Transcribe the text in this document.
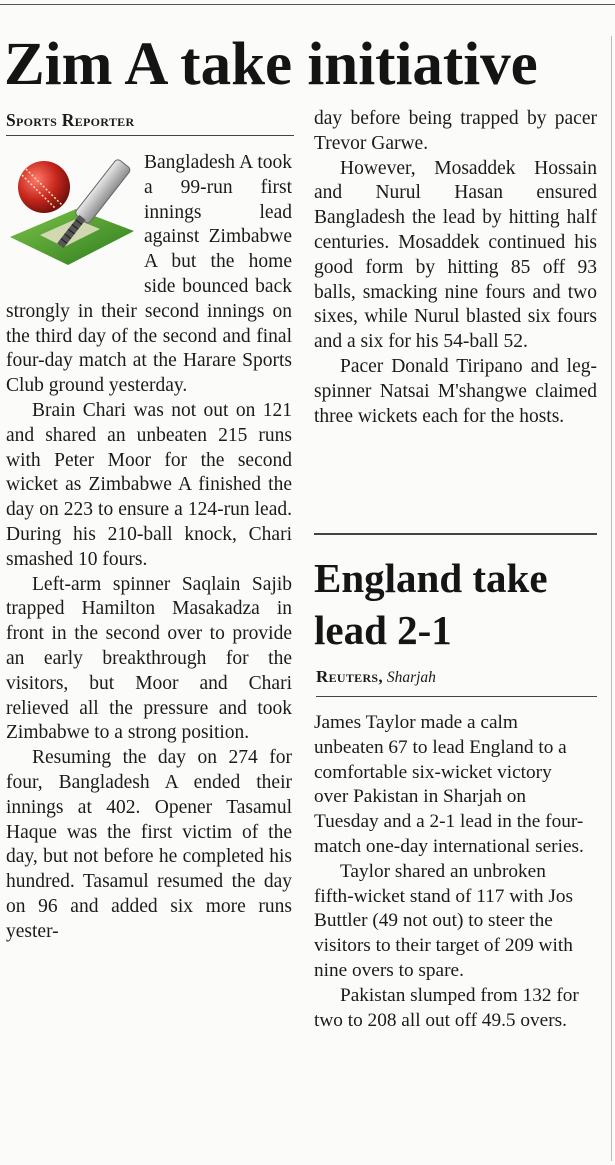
Zim A take initiative
Sports Reporter

Bangladesh A took a 99-run first innings lead against Zimbabwe A but the home side bounced back strongly in their second innings on the third day of the second and final four-day match at the Harare Sports Club ground yesterday.

Brain Chari was not out on 121 and shared an unbeaten 215 runs with Peter Moor for the second wicket as Zimbabwe A finished the day on 223 to ensure a 124-run lead. During his 210-ball knock, Chari smashed 10 fours.

Left-arm spinner Saqlain Sajib trapped Hamilton Masakadza in front in the second over to provide an early breakthrough for the visitors, but Moor and Chari relieved all the pressure and took Zimbabwe to a strong position.

Resuming the day on 274 for four, Bangladesh A ended their innings at 402. Opener Tasamul Haque was the first victim of the day, but not before he completed his hundred. Tasamul resumed the day on 96 and added six more runs yester-

day before being trapped by pacer Trevor Garwe.

However, Mosaddek Hossain and Nurul Hasan ensured Bangladesh the lead by hitting half centuries. Mosaddek continued his good form by hitting 85 off 93 balls, smacking nine fours and two sixes, while Nurul blasted six fours and a six for his 54-ball 52.

Pacer Donald Tiripano and leg-spinner Natsai M'shangwe claimed three wickets each for the hosts.

England take lead 2-1
Reuters, Sharjah

James Taylor made a calm unbeaten 67 to lead England to a comfortable six-wicket victory over Pakistan in Sharjah on Tuesday and a 2-1 lead in the four-match one-day international series.

Taylor shared an unbroken fifth-wicket stand of 117 with Jos Buttler (49 not out) to steer the visitors to their target of 209 with nine overs to spare.

Pakistan slumped from 132 for two to 208 all out off 49.5 overs.
